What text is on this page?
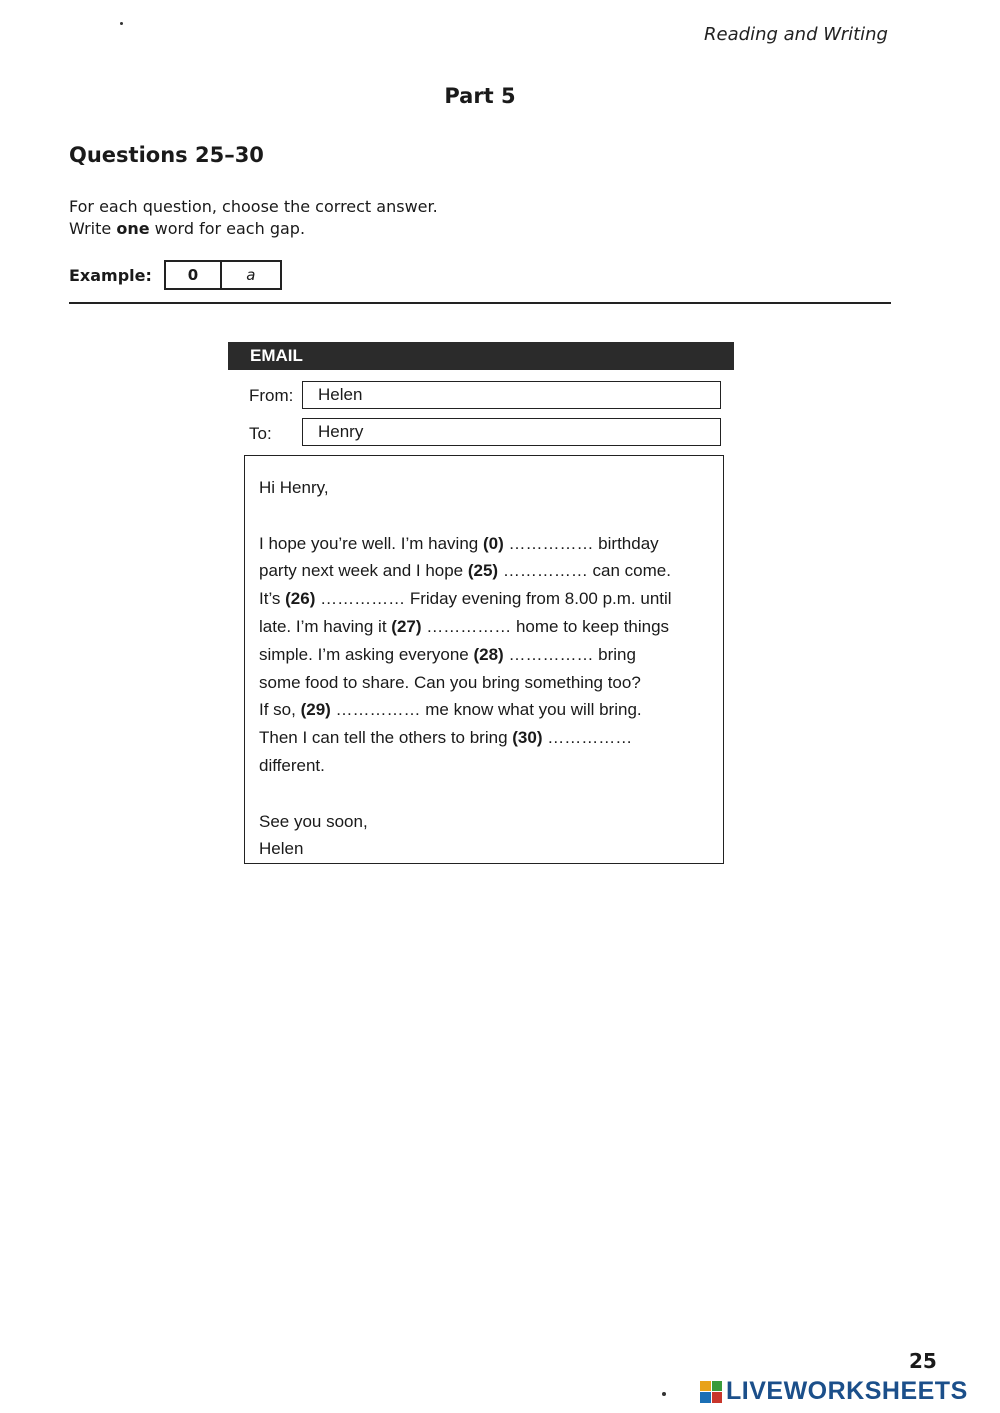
Reading and Writing
Part 5
Questions 25–30
For each question, choose the correct answer.
Write one word for each gap.
Example:	0	a
EMAIL
From:	Helen
To:	Henry

Hi Henry,

I hope you’re well. I’m having (0) …………… birthday

party next week and I hope (25) …………… can come.

It’s (26) …………… Friday evening from 8.00 p.m. until

late. I’m having it (27) …………… home to keep things

simple. I’m asking everyone (28) …………… bring

some food to share. Can you bring something too?

If so, (29) …………… me know what you will bring.

Then I can tell the others to bring (30) ……………

different.

See you soon,

Helen

25
LIVEWORKSHEETS
